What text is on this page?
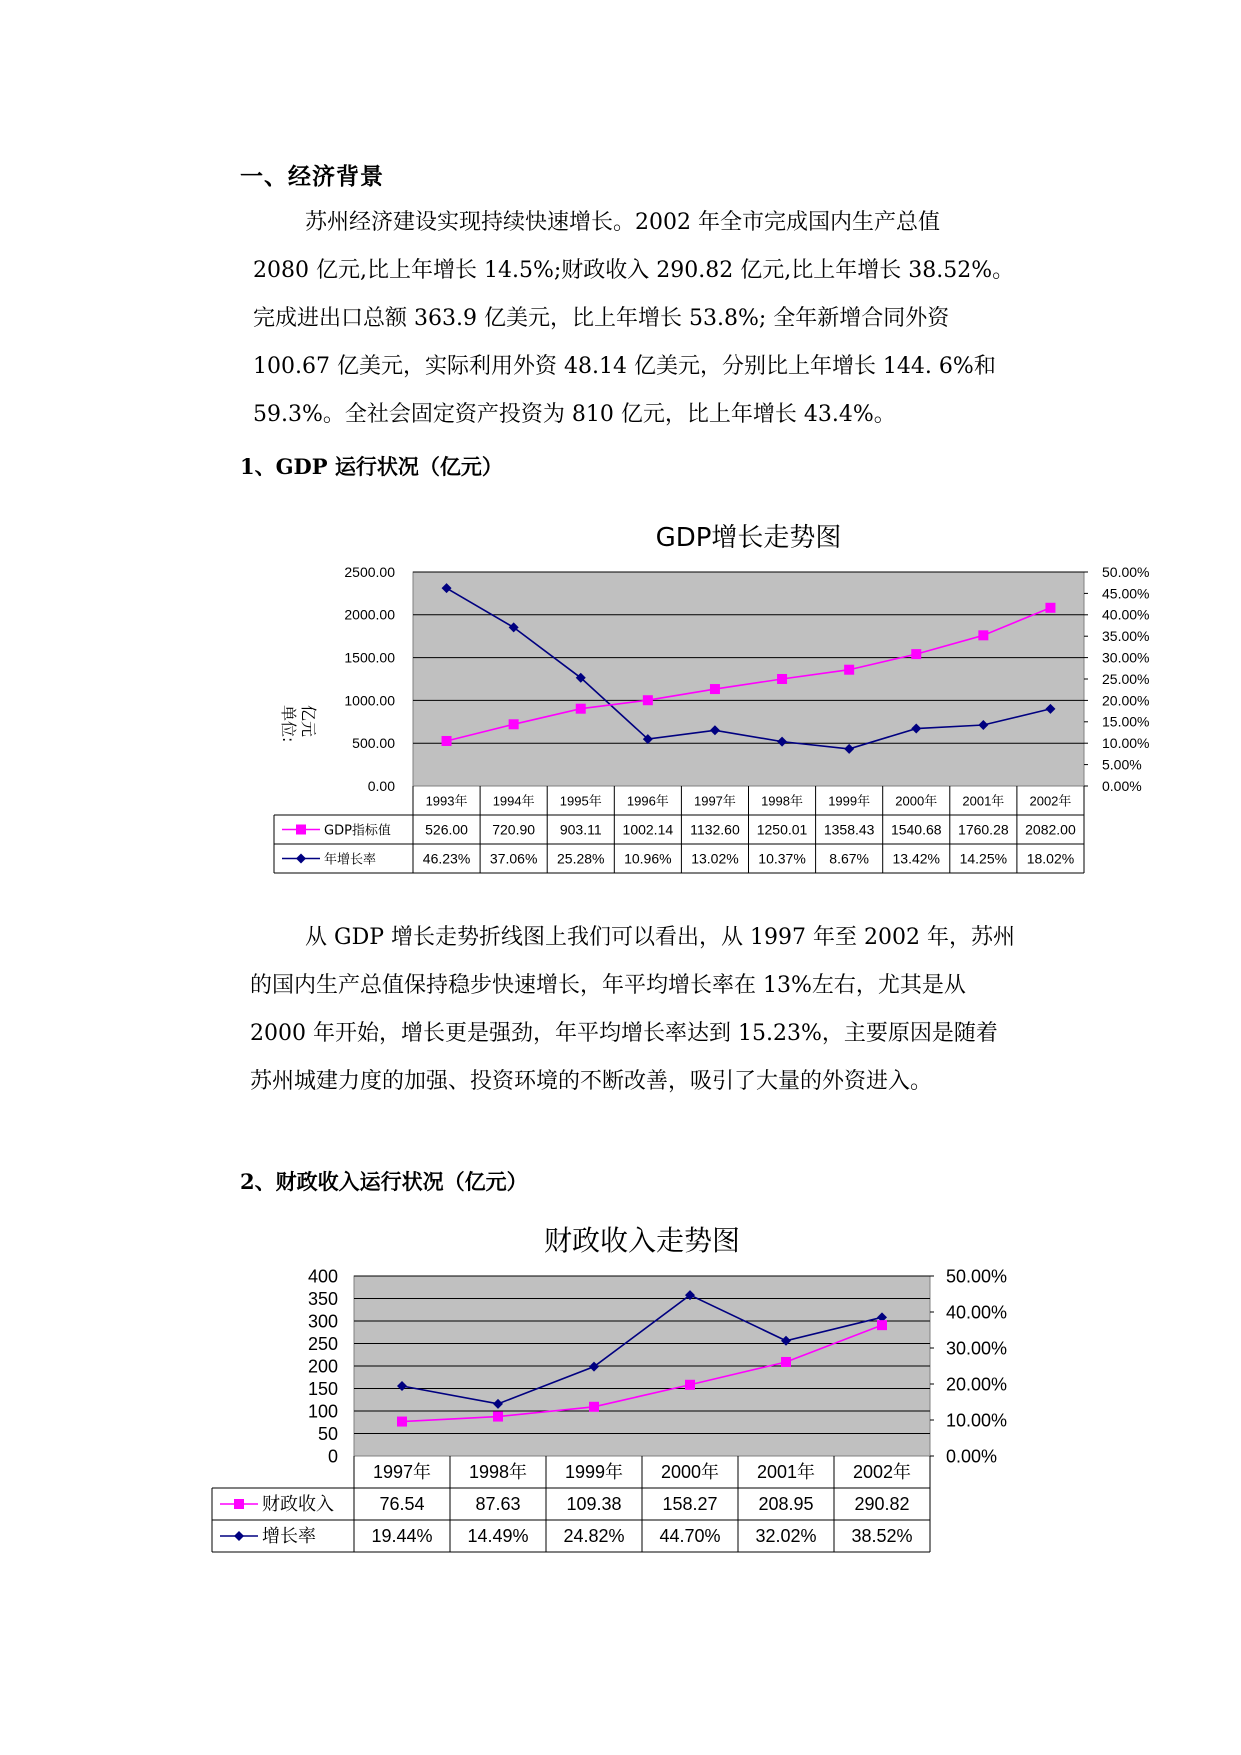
一、经济背景
苏州经济建设实现持续快速增长。2002 年全市完成国内生产总值
2080 亿元,比上年增长 14.5%;财政收入 290.82 亿元,比上年增长 38.52%。
完成进出口总额 363.9 亿美元，比上年增长 53.8%; 全年新增合同外资
100.67 亿美元，实际利用外资 48.14 亿美元，分别比上年增长 144. 6%和
59.3%。全社会固定资产投资为 810 亿元，比上年增长 43.4%。
1、GDP 运行状况（亿元）
GDP增长走势图
0.00
500.00
1000.00
1500.00
2000.00
2500.00
0.00%
5.00%
10.00%
15.00%
20.00%
25.00%
30.00%
35.00%
40.00%
45.00%
50.00%
单位:亿元
1993年 1994年 1995年 1996年 1997年 1998年 1999年 2000年 2001年 2002年
GDP指标值 526.00 720.90 903.11 1002.14 1132.60 1250.01 1358.43 1540.68 1760.28 2082.00
年增长率	46.23% 37.06% 25.28% 10.96% 13.02% 10.37% 8.67% 13.42% 14.25% 18.02%
从 GDP 增长走势折线图上我们可以看出，从 1997 年至 2002 年，苏州
的国内生产总值保持稳步快速增长，年平均增长率在 13%左右，尤其是从
2000 年开始，增长更是强劲，年平均增长率达到 15.23%，主要原因是随着
苏州城建力度的加强、投资环境的不断改善，吸引了大量的外资进入。
2、财政收入运行状况（亿元）
财政收入走势图
0
50
100
150
200
250
300
350
400
0.00%
10.00%
20.00%
30.00%
40.00%
50.00%
1997年 1998年 1999年 2000年 2001年 2002年
财政收入	76.54	87.63	109.38 158.27 208.95 290.82
增长率	19.44% 14.49% 24.82% 44.70% 32.02% 38.52%
